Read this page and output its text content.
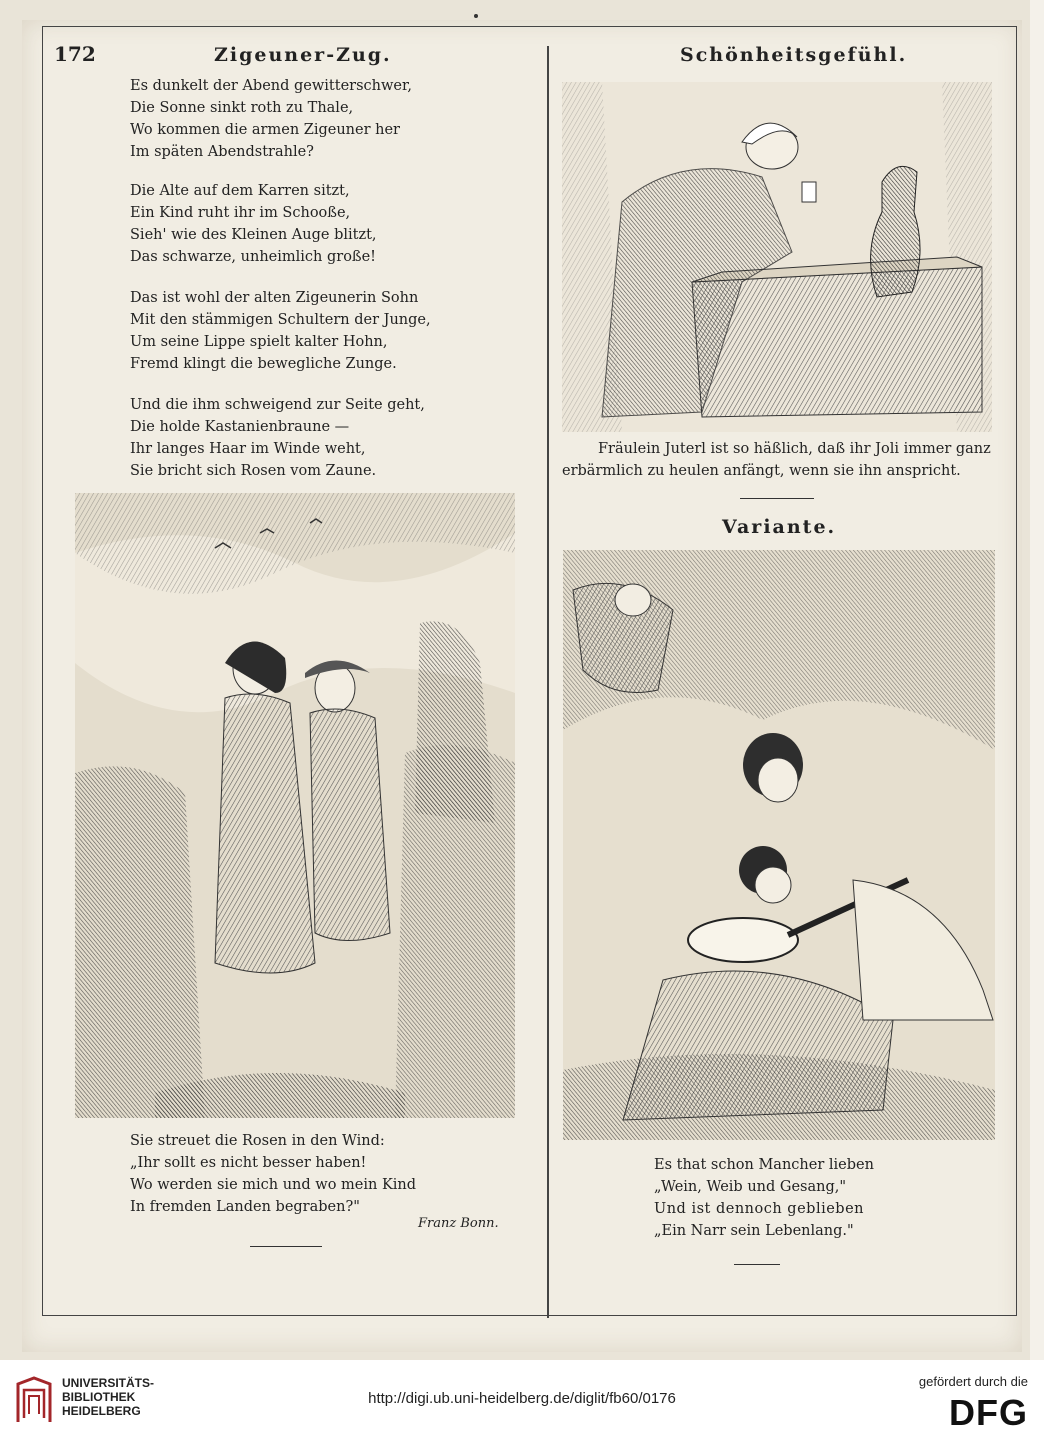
172	Zigeuner-Zug.
Es dunkelt der Abend gewitterschwer,
Die Sonne sinkt roth zu Thale,
Wo kommen die armen Zigeuner her
Im späten Abendstrahle?
Die Alte auf dem Karren sitzt,
Ein Kind ruht ihr im Schooße,
Sieh' wie des Kleinen Auge blitzt,
Das schwarze, unheimlich große!
Das ist wohl der alten Zigeunerin Sohn
Mit den stämmigen Schultern der Junge,
Um seine Lippe spielt kalter Hohn,
Fremd klingt die bewegliche Zunge.
Und die ihm schweigend zur Seite geht,
Die holde Kastanienbraune —
Ihr langes Haar im Winde weht,
Sie bricht sich Rosen vom Zaune.
Sie streuet die Rosen in den Wind:
„Ihr sollt es nicht besser haben!
Wo werden sie mich und wo mein Kind
In fremden Landen begraben?"
Franz Bonn.
Schönheitsgefühl.
Fräulein Juterl ist so häßlich, daß ihr Joli immer ganz
erbärmlich zu heulen anfängt, wenn sie ihn anspricht.
Variante.
Es that schon Mancher lieben
„Wein, Weib und Gesang,"
Und ist dennoch geblieben
„Ein Narr sein Lebenlang."
UNIVERSITÄTS-
BIBLIOTHEK
HEIDELBERG
http://digi.ub.uni-heidelberg.de/diglit/fb60/0176
gefördert durch die
DFG
